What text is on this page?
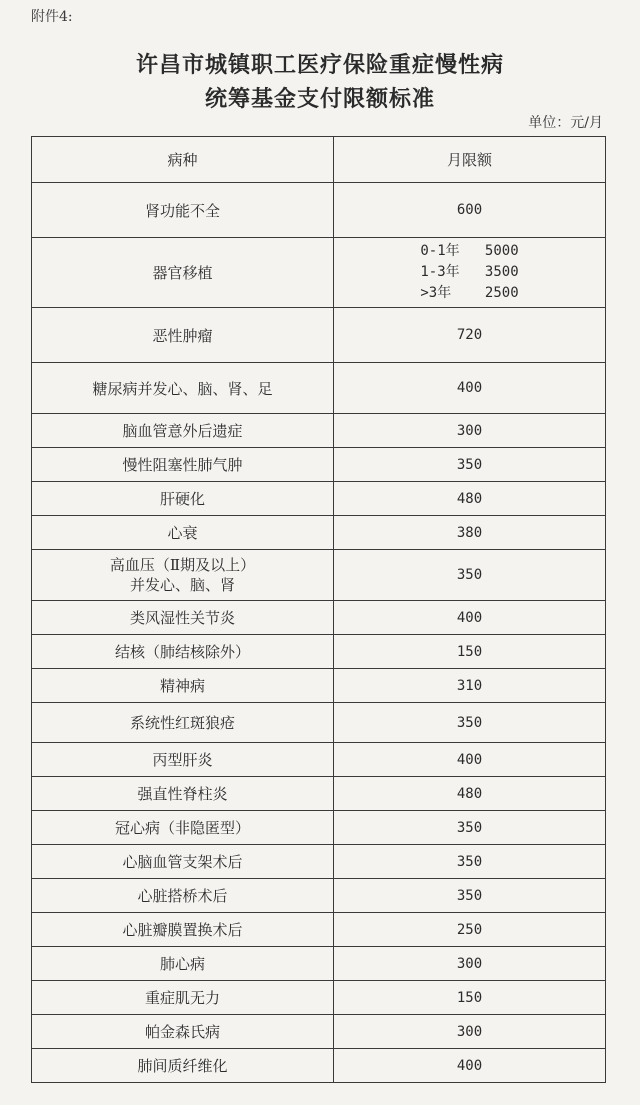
附件4:
许昌市城镇职工医疗保险重症慢性病
统筹基金支付限额标准
单位：元/月
病种	月限额
肾功能不全	600
器官移植	0-1年   5000
1-3年   3500
>3年    2500

恶性肿瘤	720
糖尿病并发心、脑、肾、足	400
脑血管意外后遗症	300
慢性阻塞性肺气肿	350
肝硬化	480
心衰	380

高血压（Ⅱ期及以上）
并发心、脑、肾	350
类风湿性关节炎	400
结核（肺结核除外）	150
精神病	310
系统性红斑狼疮	350
丙型肝炎	400
强直性脊柱炎	480
冠心病（非隐匿型）	350
心脑血管支架术后	350
心脏搭桥术后	350
心脏瓣膜置换术后	250
肺心病	300
重症肌无力	150
帕金森氏病	300
肺间质纤维化	400
